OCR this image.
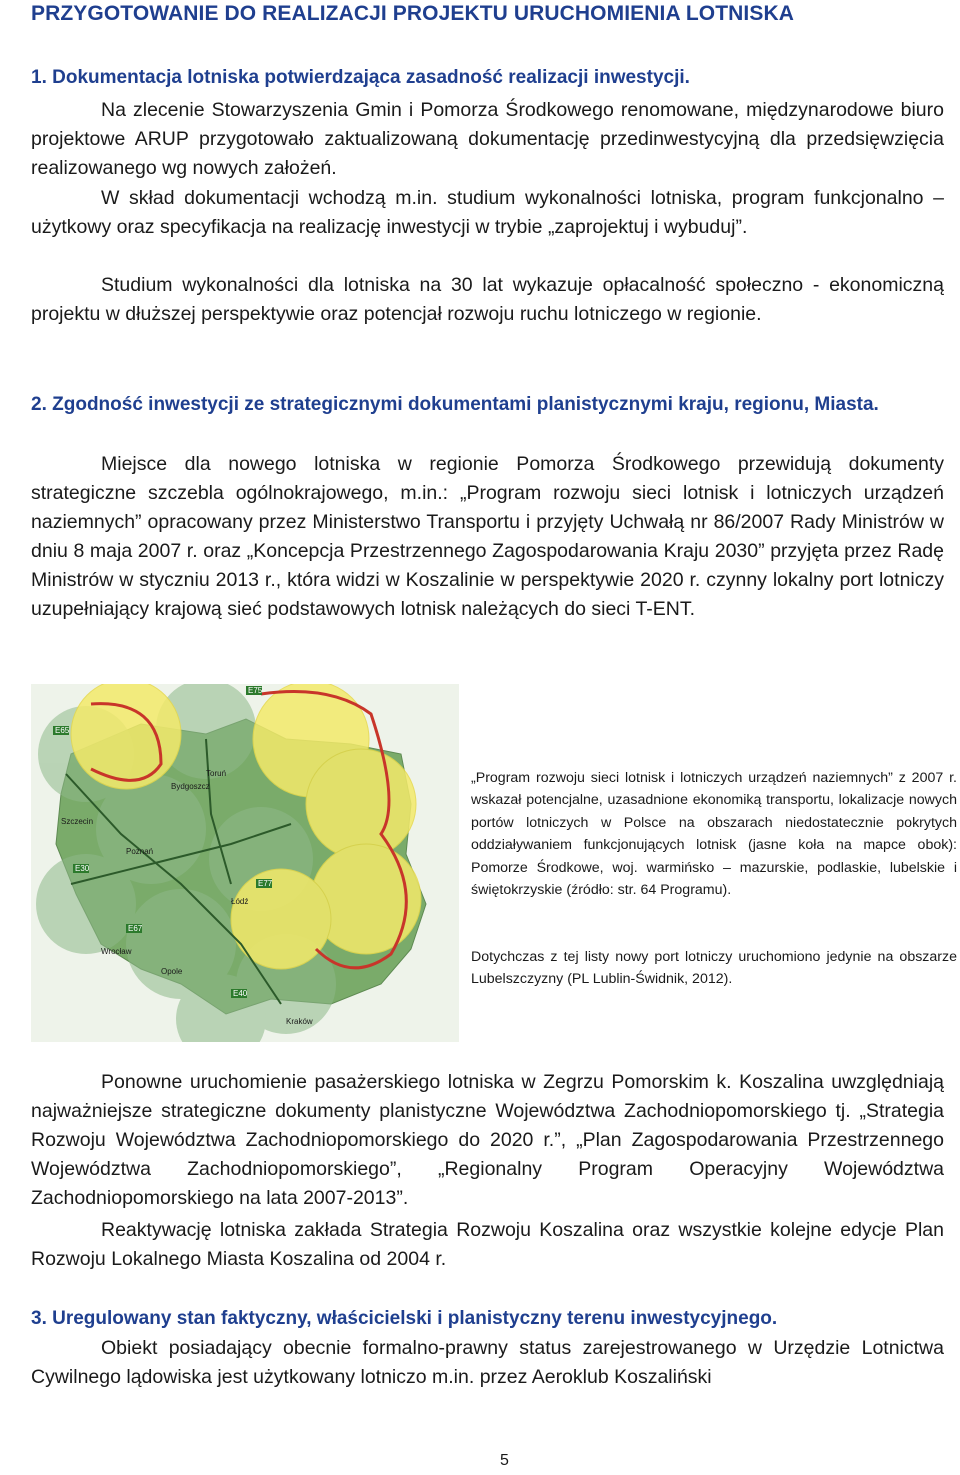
PRZYGOTOWANIE DO REALIZACJI PROJEKTU URUCHOMIENIA LOTNISKA
1. Dokumentacja lotniska potwierdzająca zasadność realizacji inwestycji.

Na zlecenie Stowarzyszenia Gmin i Pomorza Środkowego renomowane, międzynarodowe biuro projektowe ARUP przygotowało zaktualizowaną dokumentację przedinwestycyjną dla przedsięwzięcia realizowanego wg nowych założeń.

W skład dokumentacji wchodzą m.in. studium wykonalności lotniska, program funkcjonalno – użytkowy oraz specyfikacja na realizację inwestycji w trybie „zaprojektuj i wybuduj”.

Studium wykonalności dla lotniska na 30 lat wykazuje opłacalność społeczno - ekonomiczną projektu w dłuższej perspektywie oraz potencjał rozwoju ruchu lotniczego w regionie.

2. Zgodność inwestycji ze strategicznymi dokumentami planistycznymi kraju, regionu, Miasta.

Miejsce dla nowego lotniska w regionie Pomorza Środkowego przewidują dokumenty strategiczne szczebla ogólnokrajowego, m.in.: „Program rozwoju sieci lotnisk i lotniczych urządzeń naziemnych” opracowany przez Ministerstwo Transportu i przyjęty Uchwałą nr 86/2007 Rady Ministrów w dniu 8 maja 2007 r. oraz „Koncepcja Przestrzennego Zagospodarowania Kraju 2030” przyjęta przez Radę Ministrów w styczniu 2013 r., która widzi w Koszalinie w perspektywie 2020 r. czynny lokalny port lotniczy uzupełniający krajową sieć podstawowych lotnisk należących do sieci T-ENT.

E65
E75
E30
E67
E77
E40
Szczecin
Bydgoszcz
Toruń
Poznań
Łódź
Wrocław
Opole
Kraków

„Program rozwoju sieci lotnisk i lotniczych urządzeń naziemnych” z 2007 r. wskazał potencjalne, uzasadnione ekonomiką transportu, lokalizacje nowych portów lotniczych w Polsce na obszarach niedostatecznie pokrytych oddziaływaniem funkcjonujących lotnisk (jasne koła na mapce obok): Pomorze Środkowe, woj. warmińsko – mazurskie, podlaskie, lubelskie i świętokrzyskie (źródło: str. 64 Programu).

Dotychczas z tej listy nowy port lotniczy uruchomiono jedynie na obszarze Lubelszczyzny (PL Lublin-Świdnik, 2012).

Ponowne uruchomienie pasażerskiego lotniska w Zegrzu Pomorskim k. Koszalina uwzględniają najważniejsze strategiczne dokumenty planistyczne Województwa Zachodniopomorskiego tj. „Strategia Rozwoju Województwa Zachodniopomorskiego do 2020 r.”, „Plan Zagospodarowania Przestrzennego Województwa Zachodniopomorskiego”, „Regionalny Program Operacyjny Województwa Zachodniopomorskiego na lata 2007-2013”.

Reaktywację lotniska zakłada Strategia Rozwoju Koszalina oraz wszystkie kolejne edycje Plan Rozwoju Lokalnego Miasta Koszalina od 2004 r.

3. Uregulowany stan faktyczny, właścicielski i planistyczny terenu inwestycyjnego.

Obiekt posiadający obecnie formalno-prawny status zarejestrowanego w Urzędzie Lotnictwa Cywilnego lądowiska jest użytkowany lotniczo m.in. przez Aeroklub Koszaliński

5
